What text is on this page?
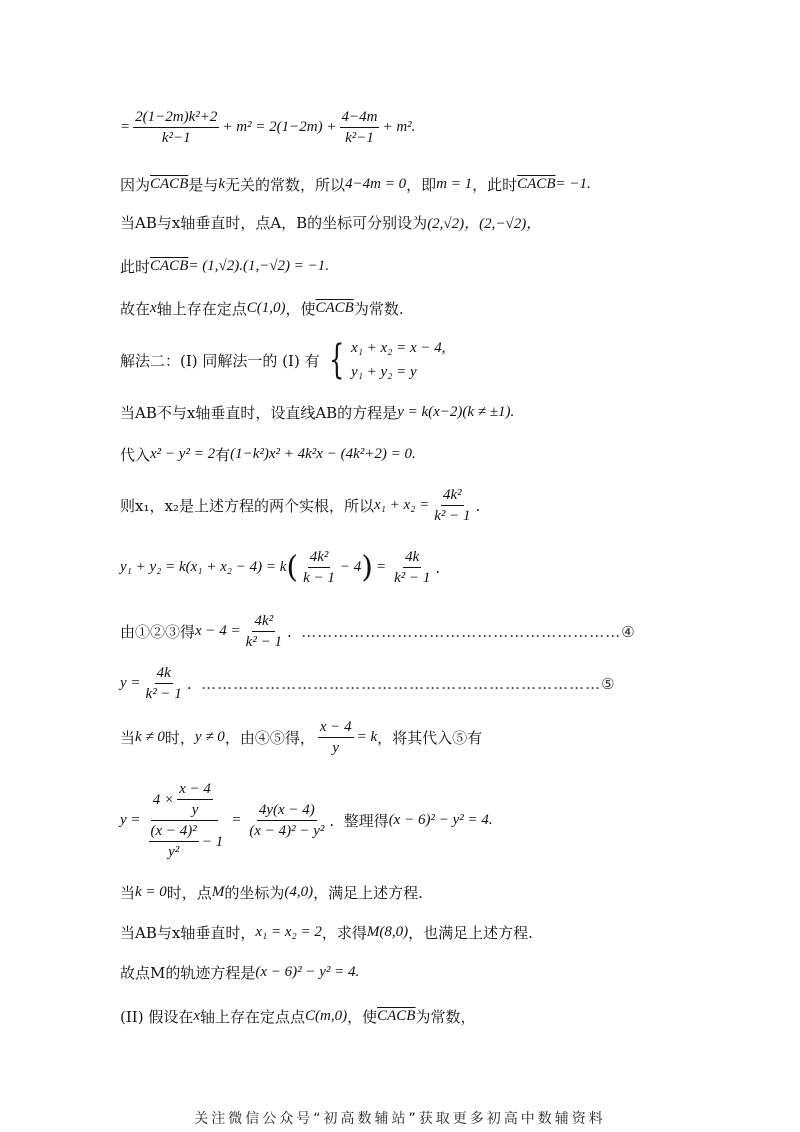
= $\frac{\text{2(1−2m)k²+2}}{\text{k²−1}} + m^2 = 2(1-2m) + \frac{4-4m}{\text{k²−1}} + m^2$.
因为 CACB 是与 k 无关的常数，所以 4−4m = 0 ，即 m = 1 ，此时 CACB = −1.
当AB与x轴垂直时，点A，B的坐标可分别设为 (2,√2)，(2,−√2)，
此时 CACB = (1,√2).(1,−√2) = −1.
故在 x 轴上存在定点 C(1,0) ，使 CACB 为常数.
解法二：(I) 同解法一的 (I) 有 { x₁ + x₂ = x − 4,
y₁ + y₂ = y
当AB不与x轴垂直时，设直线AB的方程是 y = k(x−2)(k ≠ ±1).
代入 x² − y² = 2 有 (1−k²)x² + 4k²x − (4k²+2) = 0.
则x₁，x₂是上述方程的两个实根，所以 $x_1 + x_2 = \frac{\text{4k²}}{\text{k² − 1}}$ .
y₁ + y₂ = k(x₁ + x₂ − 4) = k ( $\frac{\text{4k²}}{k - 1} - 4$ ) = $\frac{4k}{\text{k² − 1}}$ .
由①②③得 $x - 4 = \frac{\text{4k²}}{\text{k² − 1}}$ . ……………………………………………………④
$y = \frac{4k}{\text{k² − 1}}$ . …………………………………………………………………⑤
当 k ≠ 0 时， y ≠ 0 ，由④⑤得， $\frac{x - 4}{y} = k$ ，将其代入⑤有
$y = \frac{4 \times \frac{x - 4}{y}}{\frac{\text{(x − 4)²}}{\text{y²}} - 1} = \frac{4y(x - 4)}{\text{(x − 4)² − y²}}$ . 整理得 (x − 6)² − y² = 4.
当 k = 0 时，点 M 的坐标为 (4,0) ，满足上述方程.
当AB与x轴垂直时， x₁ = x₂ = 2 ，求得 M(8,0) ，也满足上述方程.
故点M的轨迹方程是 (x − 6)² − y² = 4.
(II) 假设在 x 轴上存在定点点 C(m,0) ，使 CACB 为常数，
关注微信公众号“初高数辅站”获取更多初高中数辅资料
